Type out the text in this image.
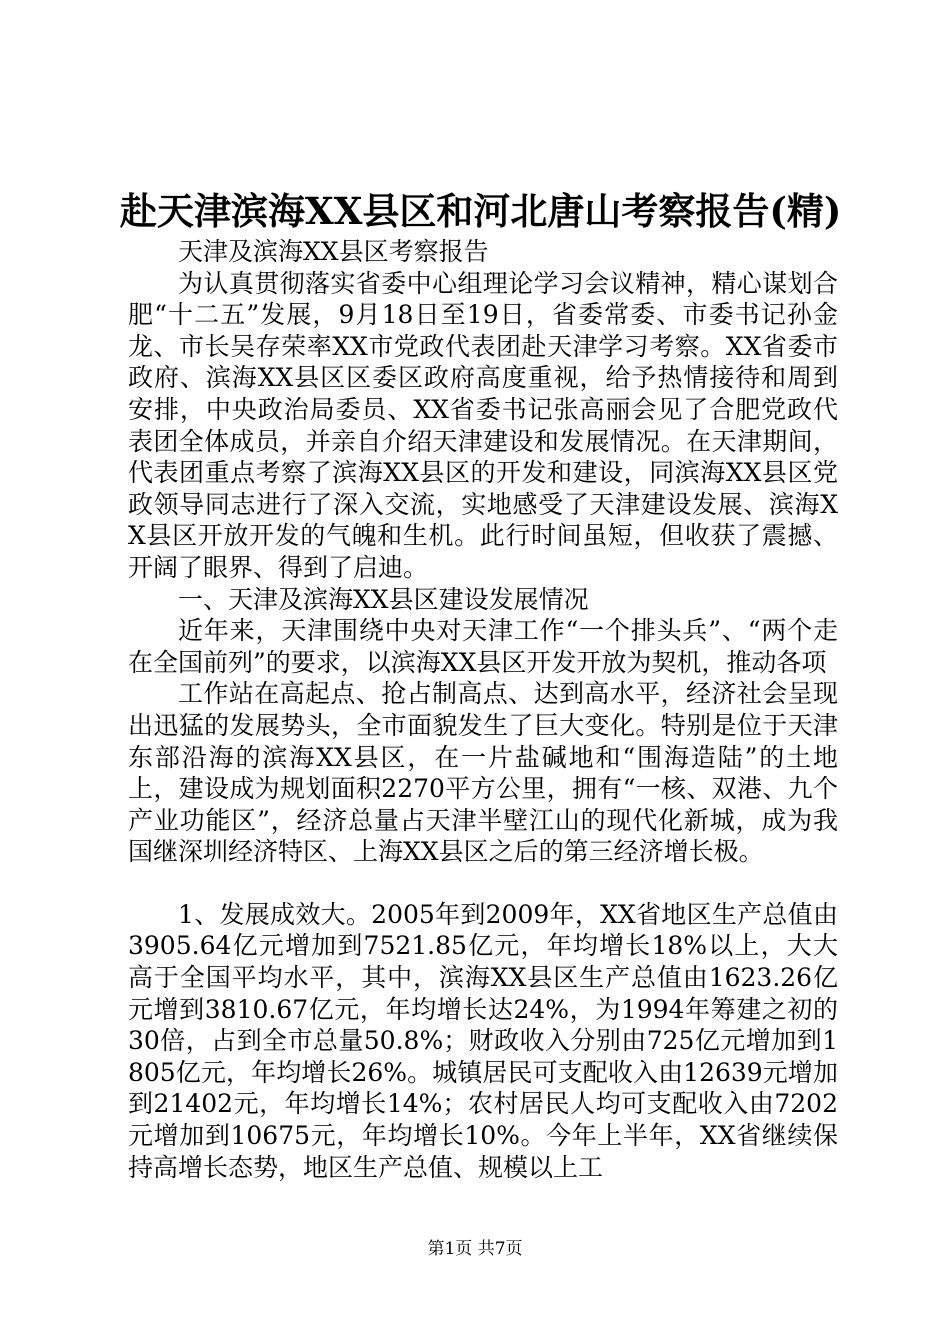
赴天津滨海XX县区和河北唐山考察报告(精)

天津及滨海XX县区考察报告

为认真贯彻落实省委中心组理论学习会议精神，精心谋划合肥“十二五”发展，9月18日至19日，省委常委、市委书记孙金龙、市长吴存荣率XX市党政代表团赴天津学习考察。XX省委市政府、滨海XX县区区委区政府高度重视，给予热情接待和周到安排，中央政治局委员、XX省委书记张高丽会见了合肥党政代表团全体成员，并亲自介绍天津建设和发展情况。在天津期间，代表团重点考察了滨海XX县区的开发和建设，同滨海XX县区党政领导同志进行了深入交流，实地感受了天津建设发展、滨海XX县区开放开发的气魄和生机。此行时间虽短，但收获了震撼、开阔了眼界、得到了启迪。

一、天津及滨海XX县区建设发展情况

近年来，天津围绕中央对天津工作“一个排头兵”、“两个走在全国前列”的要求，以滨海XX县区开发开放为契机，推动各项

工作站在高起点、抢占制高点、达到高水平，经济社会呈现出迅猛的发展势头，全市面貌发生了巨大变化。特别是位于天津东部沿海的滨海XX县区，在一片盐碱地和“围海造陆”的土地上，建设成为规划面积2270平方公里，拥有“一核、双港、九个产业功能区”，经济总量占天津半壁江山的现代化新城，成为我国继深圳经济特区、上海XX县区之后的第三经济增长极。

1、发展成效大。2005年到2009年，XX省地区生产总值由3905.64亿元增加到7521.85亿元，年均增长18%以上，大大高于全国平均水平，其中，滨海XX县区生产总值由1623.26亿元增到3810.67亿元，年均增长达24%，为1994年筹建之初的30倍，占到全市总量50.8%；财政收入分别由725亿元增加到1805亿元，年均增长26%。城镇居民可支配收入由12639元增加到21402元，年均增长14%；农村居民人均可支配收入由7202元增加到10675元，年均增长10%。今年上半年，XX省继续保持高增长态势，地区生产总值、规模以上工

第1页 共7页
